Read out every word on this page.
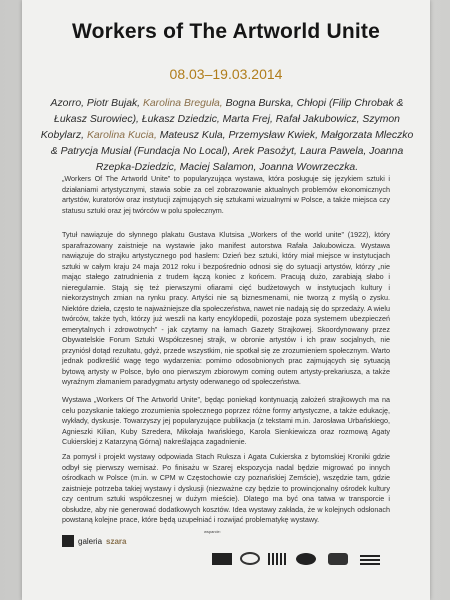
Workers of The Artworld Unite
08.03–19.03.2014
Azorro, Piotr Bujak, Karolina Breguła, Bogna Burska, Chłopi (Filip Chrobak & Łukasz Surowiec), Łukasz Dziedzic, Marta Frej, Rafał Jakubowicz, Szymon Kobylarz, Karolina Kucia, Mateusz Kula, Przemysław Kwiek, Małgorzata Mleczko & Patrycja Musiał (Fundacja No Local), Arek Pasożyt, Laura Pawela, Joanna Rzepka-Dziedzic, Maciej Salamon, Joanna Wowrzeczka.
„Workers Of The Artworld Unite” to popularyzująca wystawa, która posługuje się językiem sztuki i działaniami artystycznymi, stawia sobie za cel zobrazowanie aktualnych problemów ekonomicznych artystów, kuratorów oraz instytucji zajmujących się sztukami wizualnymi w Polsce, a także miejsca czy statusu sztuki oraz jej twórców w polu społecznym.
Tytuł nawiązuje do słynnego plakatu Gustava Klutsisa „Workers of the world unite” (1922), który sparafrazowany zaistnieje na wystawie jako manifest autorstwa Rafała Jakubowicza. Wystawa nawiązuje do strajku artystycznego pod hasłem: Dzień bez sztuki, który miał miejsce w instytucjach sztuki w całym kraju 24 maja 2012 roku i bezpośrednio odnosi się do sytuacji artystów, którzy „nie mając stałego zatrudnienia z trudem łączą koniec z końcem. Pracują dużo, zarabiają słabo i nieregularnie. Stają się też pierwszymi ofiarami cięć budżetowych w instytucjach kultury i niekorzystnych zmian na rynku pracy. Artyści nie są biznesmenami, nie tworzą z myślą o zysku. Niektóre dzieła, często te najważniejsze dla społeczeństwa, nawet nie nadają się do sprzedaży. A wielu twórców, także tych, którzy już weszli na karty encyklopedii, pozostaje poza systemem ubezpieczeń emerytalnych i zdrowotnych” - jak czytamy na łamach Gazety Strajkowej. Skoordynowany przez Obywatelskie Forum Sztuki Współczesnej strajk, w obronie artystów i ich praw socjalnych, nie przyniósł dotąd rezultatu, gdyż, przede wszystkim, nie spotkał się ze zrozumieniem społecznym. Warto jednak podkreślić wagę tego wydarzenia: pomimo odosobnionych prac zajmujących się sytuacją bytową artysty w Polsce, było ono pierwszym zbiorowym coming outem artysty-prekariusza, a także wyraźnym złamaniem paradygmatu artysty oderwanego od społeczeństwa.
Wystawa „Workers Of The Artworld Unite”, będąc poniekąd kontynuacją założeń strajkowych ma na celu pozyskanie takiego zrozumienia społecznego poprzez różne formy artystyczne, a także edukację, wykłady, dyskusje. Towarzyszy jej popularyzujące publikacja (z tekstami m.in. Jarosława Urbańskiego, Agnieszki Kilian, Kuby Szredera, Mikołaja Iwańskiego, Karola Sienkiewicza oraz rozmową Agaty Cukierskiej z Katarzyną Górną) nakreślająca zagadnienie.
Za pomysł i projekt wystawy odpowiada Stach Ruksza i Agata Cukierska z bytomskiej Kroniki gdzie odbył się pierwszy wernisaż. Po finisażu w Szarej ekspozycja nadal będzie migrować po innych ośrodkach w Polsce (m.in. w CPM w Częstochowie czy poznańskiej Zemście), wszędzie tam, gdzie zaistnieje potrzeba takiej wystawy i dyskusji (niezważne czy będzie to prowincjonalny ośrodek kultury czy centrum sztuki współczesnej w dużym mieście). Dlatego ma być ona tatwa w transporcie i obsłudze, aby nie generować dodatkowych kosztów. Idea wystawy zakłada, że w kolejnych odsłonach powstaną kolejne prace, które będą uzupełniać i rozwijać problematykę wystawy.
galeria szara
wsparcie:
